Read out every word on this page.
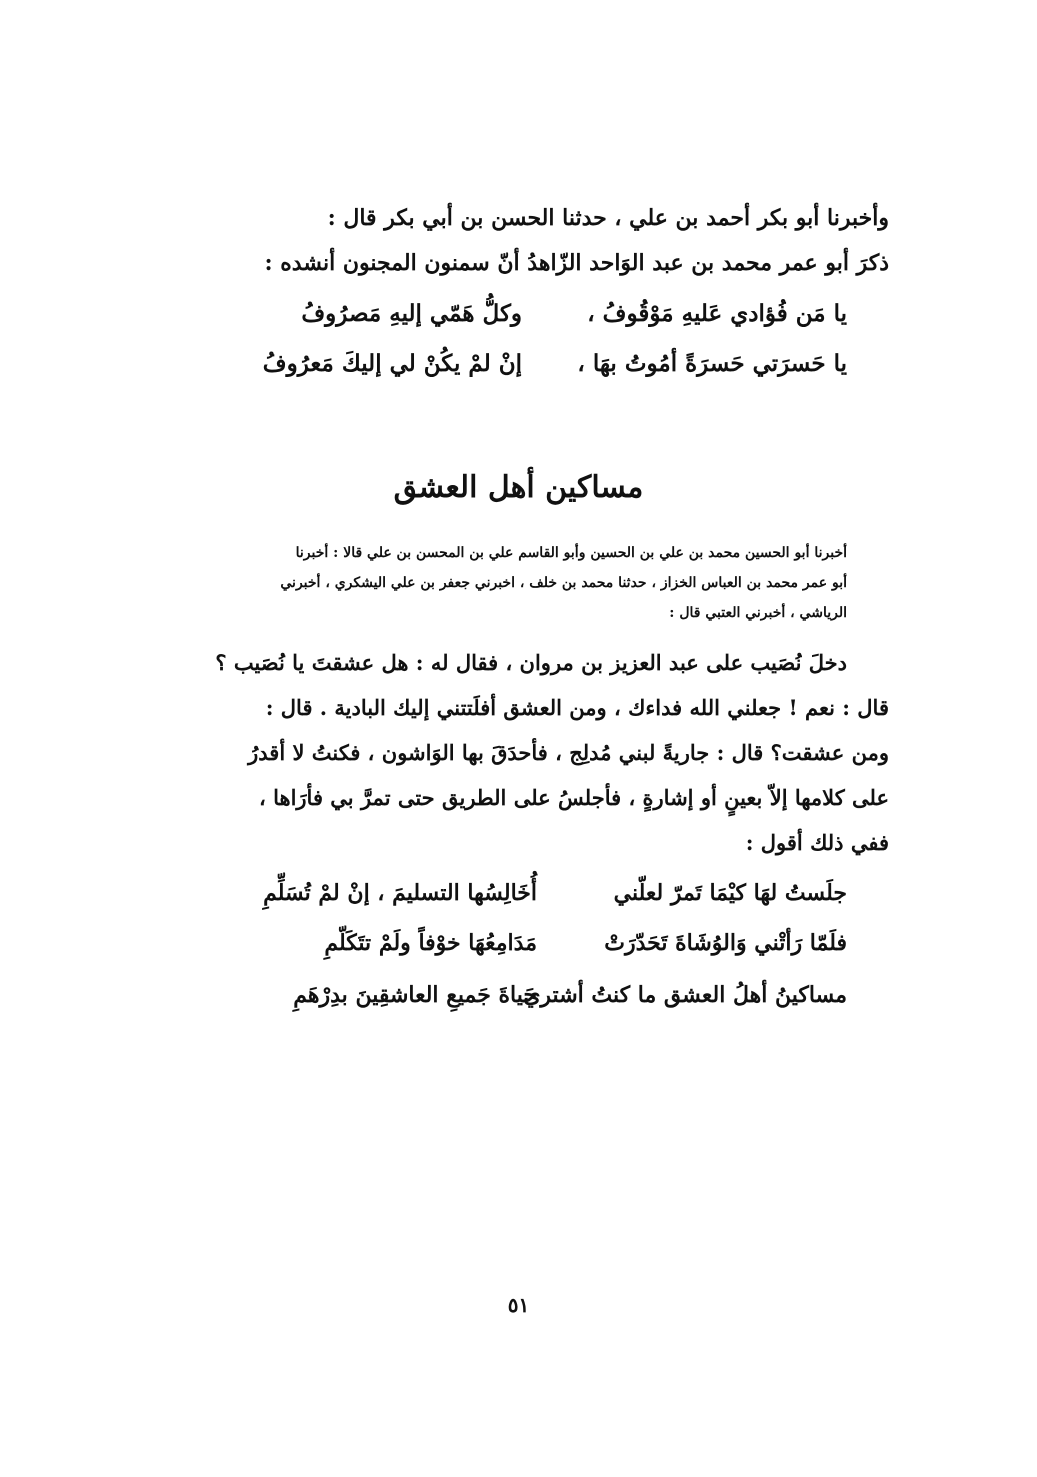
وأخبرنا أبو بكر أحمد بن علي ، حدثنا الحسن بن أبي بكر قال :
ذكرَ أبو عمر محمد بن عبد الوَاحد الزّاهدُ أنّ سمنون المجنون أنشده :
يا مَن فُؤادي عَليهِ مَوْقُوفُ ،
وكلُّ هَمّي إليهِ مَصرُوفُ
يا حَسرَتي حَسرَةً أمُوتُ بهَا ،
إنْ لمْ يكُنْ لي إليكَ مَعرُوفُ
مساكين أهل العشق
أخبرنا أبو الحسين محمد بن علي بن الحسين وأبو القاسم علي بن المحسن بن علي قالا : أخبرنا
أبو عمر محمد بن العباس الخزاز ، حدثنا محمد بن خلف ، اخبرني جعفر بن علي اليشكري ، أخبرني
الرياشي ، أخبرني العتبي قال :
دخلَ نُصَيب على عبد العزيز بن مروان ، فقال له : هل عشقتَ يا نُصَيب ؟
قال : نعم ! جعلني الله فداءك ، ومن العشق أفلَتتني إليك البادية . قال :
ومن عشقت؟ قال : جاريةً لبني مُدلِج ، فأحدَقَ بها الوَاشون ، فكنتُ لا أقدرُ
على كلامها إلاّ بعينٍ أو إشارةٍ ، فأجلسُ على الطريق حتى تمرَّ بي فأرَاها ،
ففي ذلك أقول :
جلَستُ لهَا كيْمَا تَمرّ لعلّني
أُخَالِسُها التسليمَ ، إنْ لمْ تُسَلِّمِ
فلَمّا رَأتْني وَالوُشَاةَ تَحَدّرَتْ
مَدَامِعُهَا خوْفاً ولَمْ تتَكَلّمِ
مساكينُ أهلُ العشق ما كنتُ أشتري
حَياةَ جَميعِ العاشقِينَ بدِرْهَمِ
٥١
